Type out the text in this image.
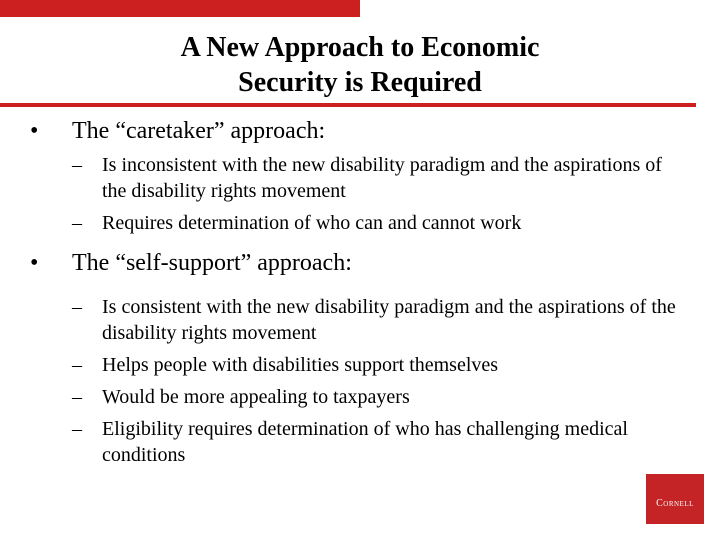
A New Approach to Economic
Security is Required
• The “caretaker” approach:
– Is inconsistent with the new disability paradigm and the aspirations of the disability rights movement
– Requires determination of who can and cannot work
• The “self-support” approach:
– Is consistent with the new disability paradigm and the aspirations of the disability rights movement
– Helps people with disabilities support themselves
– Would be more appealing to taxpayers
– Eligibility requires determination of who has challenging medical conditions
Cornell
